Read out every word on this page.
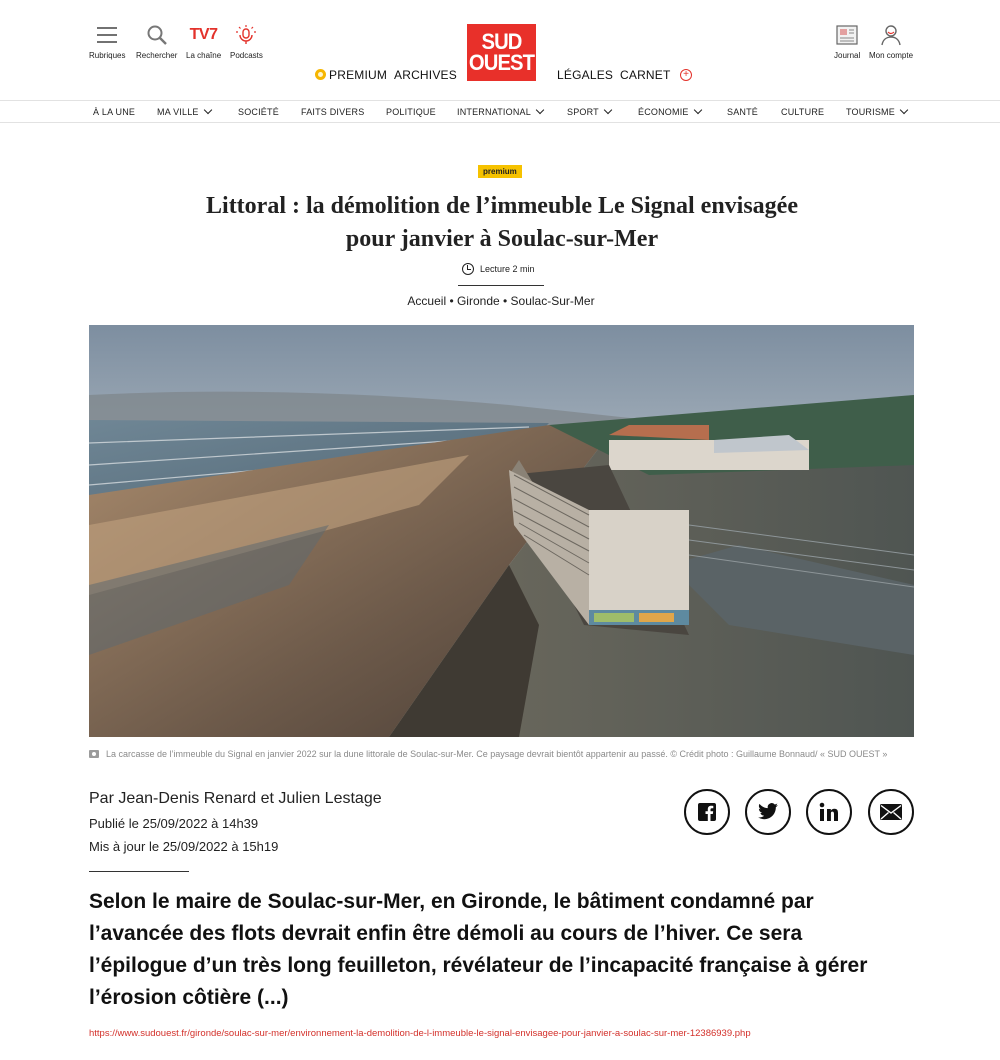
Rubriques Rechercher
TV7
La chaîne Podcasts
SUD
OUEST
PREMIUM ARCHIVES	LÉGALES CARNET	+
Journal Mon compte
À LA UNE MA VILLE	SOCIÉTÉ FAITS DIVERS POLITIQUE INTERNATIONAL	SPORT	ÉCONOMIE	SANTÉ	CULTURE TOURISME
premium
Littoral : la démolition de l’immeuble Le Signal envisagée
pour janvier à Soulac-sur-Mer
Lecture 2 min
Accueil • Gironde • Soulac-Sur-Mer
La carcasse de l’immeuble du Signal en janvier 2022 sur la dune littorale de Soulac-sur-Mer. Ce paysage devrait bientôt appartenir au passé. © Crédit photo : Guillaume Bonnaud/ « SUD OUEST »
Par Jean-Denis Renard et Julien Lestage
Publié le 25/09/2022 à 14h39
Mis à jour le 25/09/2022 à 15h19

Selon le maire de Soulac-sur-Mer, en Gironde, le bâtiment condamné par l’avancée des flots devrait enfin être démoli au cours de l’hiver. Ce sera l’épilogue d’un très long feuilleton, révélateur de l’incapacité française à gérer l’érosion côtière (...)

https://www.sudouest.fr/gironde/soulac-sur-mer/environnement-la-demolition-de-l-immeuble-le-signal-envisagee-pour-janvier-a-soulac-sur-mer-12386939.php
